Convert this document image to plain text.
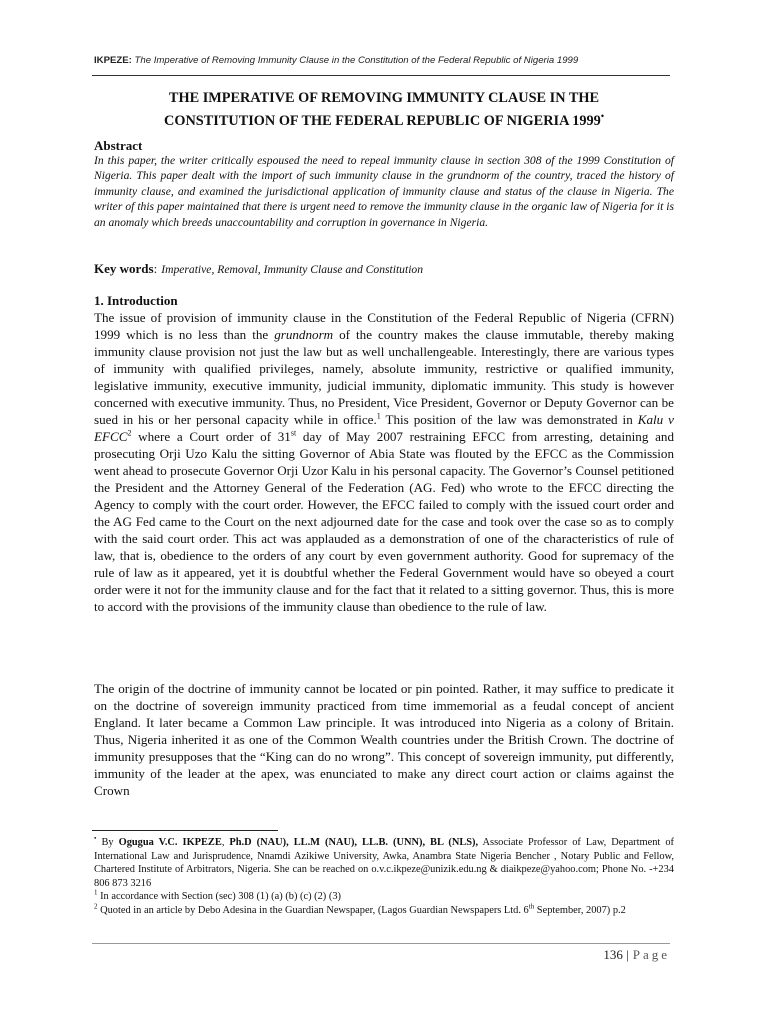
IKPEZE: The Imperative of Removing Immunity Clause in the Constitution of the Federal Republic of Nigeria 1999
THE IMPERATIVE OF REMOVING IMMUNITY CLAUSE IN THE
CONSTITUTION OF THE FEDERAL REPUBLIC OF NIGERIA 1999•
Abstract
In this paper, the writer critically espoused the need to repeal immunity clause in section 308 of the 1999 Constitution of Nigeria. This paper dealt with the import of such immunity clause in the grundnorm of the country, traced the history of immunity clause, and examined the jurisdictional application of immunity clause and status of the clause in Nigeria. The writer of this paper maintained that there is urgent need to remove the immunity clause in the organic law of Nigeria for it is an anomaly which breeds unaccountability and corruption in governance in Nigeria.
Key words: Imperative, Removal, Immunity Clause and Constitution
1. Introduction
The issue of provision of immunity clause in the Constitution of the Federal Republic of Nigeria (CFRN) 1999 which is no less than the grundnorm of the country makes the clause immutable, thereby making immunity clause provision not just the law but as well unchallengeable. Interestingly, there are various types of immunity with qualified privileges, namely, absolute immunity, restrictive or qualified immunity, legislative immunity, executive immunity, judicial immunity, diplomatic immunity. This study is however concerned with executive immunity. Thus, no President, Vice President, Governor or Deputy Governor can be sued in his or her personal capacity while in office.$^1$ This position of the law was demonstrated in Kalu v EFCC$^2$ where a Court order of 31st day of May 2007 restraining EFCC from arresting, detaining and prosecuting Orji Uzo Kalu the sitting Governor of Abia State was flouted by the EFCC as the Commission went ahead to prosecute Governor Orji Uzor Kalu in his personal capacity. The Governor’s Counsel petitioned the President and the Attorney General of the Federation (AG. Fed) who wrote to the EFCC directing the Agency to comply with the court order. However, the EFCC failed to comply with the issued court order and the AG Fed came to the Court on the next adjourned date for the case and took over the case so as to comply with the said court order. This act was applauded as a demonstration of one of the characteristics of rule of law, that is, obedience to the orders of any court by even government authority. Good for supremacy of the rule of law as it appeared, yet it is doubtful whether the Federal Government would have so obeyed a court order were it not for the immunity clause and for the fact that it related to a sitting governor. Thus, this is more to accord with the provisions of the immunity clause than obedience to the rule of law.
The origin of the doctrine of immunity cannot be located or pin pointed. Rather, it may suffice to predicate it on the doctrine of sovereign immunity practiced from time immemorial as a feudal concept of ancient England. It later became a Common Law principle. It was introduced into Nigeria as a colony of Britain. Thus, Nigeria inherited it as one of the Common Wealth countries under the British Crown. The doctrine of immunity presupposes that the “King can do no wrong”. This concept of sovereign immunity, put differently, immunity of the leader at the apex, was enunciated to make any direct court action or claims against the Crown

• By Ogugua V.C. IKPEZE, Ph.D (NAU), LL.M (NAU), LL.B. (UNN), BL (NLS), Associate Professor of Law, Department of International Law and Jurisprudence, Nnamdi Azikiwe University, Awka, Anambra State Nigeria Bencher , Notary Public and Fellow, Chartered Institute of Arbitrators, Nigeria. She can be reached on o.v.c.ikpeze@unizik.edu.ng & diaikpeze@yahoo.com; Phone No. -+234 806 873 3216

$^1$ In accordance with Section (sec) 308 (1) (a) (b) (c) (2) (3)

$^2$ Quoted in an article by Debo Adesina in the Guardian Newspaper, (Lagos Guardian Newspapers Ltd. 6th September, 2007) p.2

136 | Page
